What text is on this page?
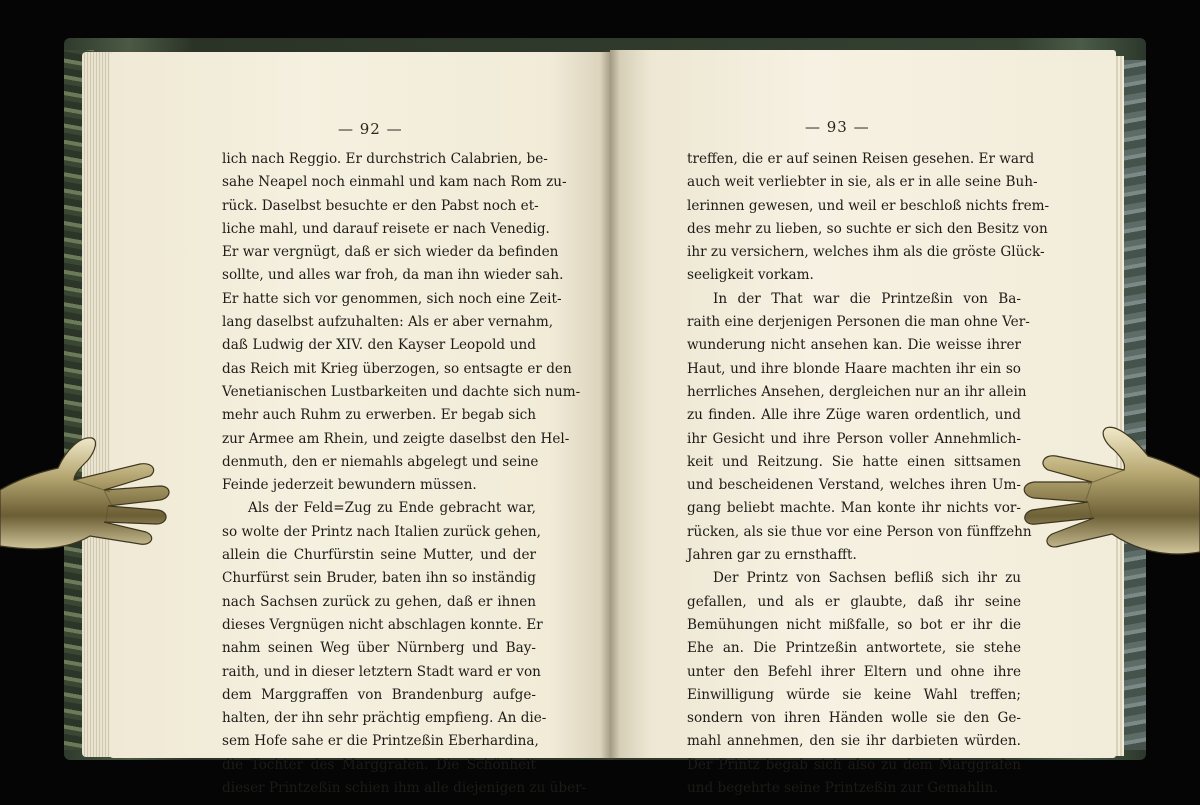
— 92 —
lich nach Reggio. Er durchstrich Calabrien, be-
sahe Neapel noch einmahl und kam nach Rom zu-
rück. Daselbst besuchte er den Pabst noch et-
liche mahl, und darauf reisete er nach Venedig.
Er war vergnügt, daß er sich wieder da befinden
sollte, und alles war froh, da man ihn wieder sah.
Er hatte sich vor genommen, sich noch eine Zeit-
lang daselbst aufzuhalten: Als er aber vernahm,
daß Ludwig der XIV. den Kayser Leopold und
das Reich mit Krieg überzogen, so entsagte er den
Venetianischen Lustbarkeiten und dachte sich num-
mehr auch Ruhm zu erwerben. Er begab sich
zur Armee am Rhein, und zeigte daselbst den Hel-
denmuth, den er niemahls abgelegt und seine
Feinde jederzeit bewundern müssen.
Als der Feld=Zug zu Ende gebracht war,
so wolte der Printz nach Italien zurück gehen,
allein die Churfürstin seine Mutter, und der
Churfürst sein Bruder, baten ihn so inständig
nach Sachsen zurück zu gehen, daß er ihnen
dieses Vergnügen nicht abschlagen konnte. Er
nahm seinen Weg über Nürnberg und Bay-
raith, und in dieser letztern Stadt ward er von
dem Marggraffen von Brandenburg aufge-
halten, der ihn sehr prächtig empfieng. An die-
sem Hofe sahe er die Printzeßin Eberhardina,
die Tochter des Marggrafen. Die Schönheit
dieser Printzeßin schien ihm alle diejenigen zu über-
— 93 —
treffen, die er auf seinen Reisen gesehen. Er ward
auch weit verliebter in sie, als er in alle seine Buh-
lerinnen gewesen, und weil er beschloß nichts frem-
des mehr zu lieben, so suchte er sich den Besitz von
ihr zu versichern, welches ihm als die gröste Glück-
seeligkeit vorkam.
In der That war die Printzeßin von Ba-
raith eine derjenigen Personen die man ohne Ver-
wunderung nicht ansehen kan. Die weisse ihrer
Haut, und ihre blonde Haare machten ihr ein so
herrliches Ansehen, dergleichen nur an ihr allein
zu finden. Alle ihre Züge waren ordentlich, und
ihr Gesicht und ihre Person voller Annehmlich-
keit und Reitzung. Sie hatte einen sittsamen
und bescheidenen Verstand, welches ihren Um-
gang beliebt machte. Man konte ihr nichts vor-
rücken, als sie thue vor eine Person von fünffzehn
Jahren gar zu ernsthafft.
Der Printz von Sachsen befliß sich ihr zu
gefallen, und als er glaubte, daß ihr seine
Bemühungen nicht mißfalle, so bot er ihr die
Ehe an. Die Printzeßin antwortete, sie stehe
unter den Befehl ihrer Eltern und ohne ihre
Einwilligung würde sie keine Wahl treffen;
sondern von ihren Händen wolle sie den Ge-
mahl annehmen, den sie ihr darbieten würden.
Der Printz begab sich also zu dem Marggrafen
und begehrte seine Printzeßin zur Gemahlin.
